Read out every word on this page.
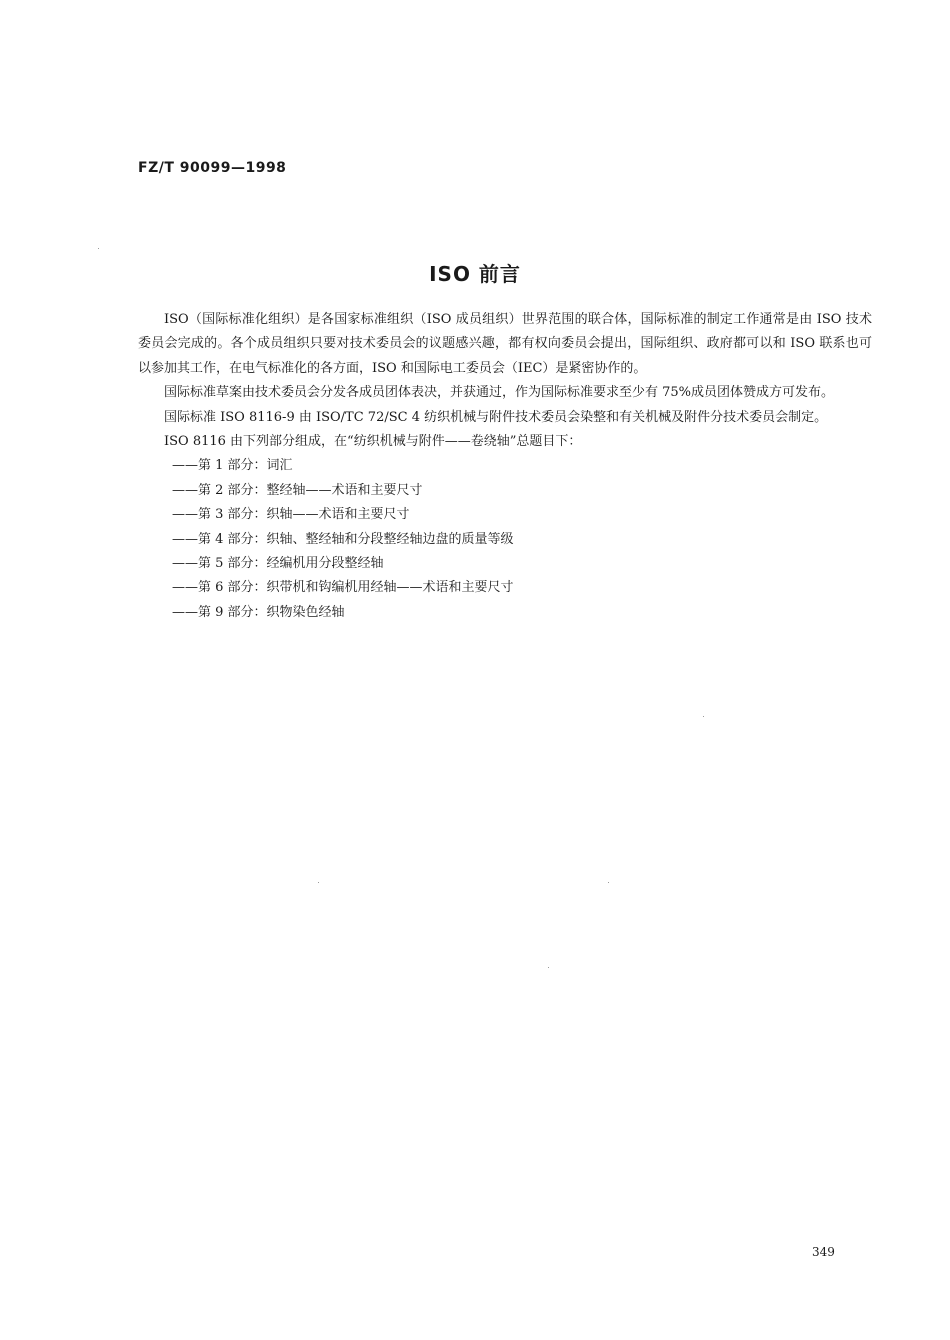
FZ/T 90099—1998
ISO 前言

ISO（国际标准化组织）是各国家标准组织（ISO 成员组织）世界范围的联合体，国际标准的制定工作通常是由 ISO 技术委员会完成的。各个成员组织只要对技术委员会的议题感兴趣，都有权向委员会提出，国际组织、政府都可以和 ISO 联系也可以参加其工作，在电气标准化的各方面，ISO 和国际电工委员会（IEC）是紧密协作的。

国际标准草案由技术委员会分发各成员团体表决，并获通过，作为国际标准要求至少有 75%成员团体赞成方可发布。

国际标准 ISO 8116-9 由 ISO/TC 72/SC 4 纺织机械与附件技术委员会染整和有关机械及附件分技术委员会制定。

ISO 8116 由下列部分组成，在“纺织机械与附件——卷绕轴”总题目下：

——第 1 部分：词汇
——第 2 部分：整经轴——术语和主要尺寸
——第 3 部分：织轴——术语和主要尺寸
——第 4 部分：织轴、整经轴和分段整经轴边盘的质量等级
——第 5 部分：经编机用分段整经轴
——第 6 部分：织带机和钩编机用经轴——术语和主要尺寸
——第 9 部分：织物染色经轴
349
